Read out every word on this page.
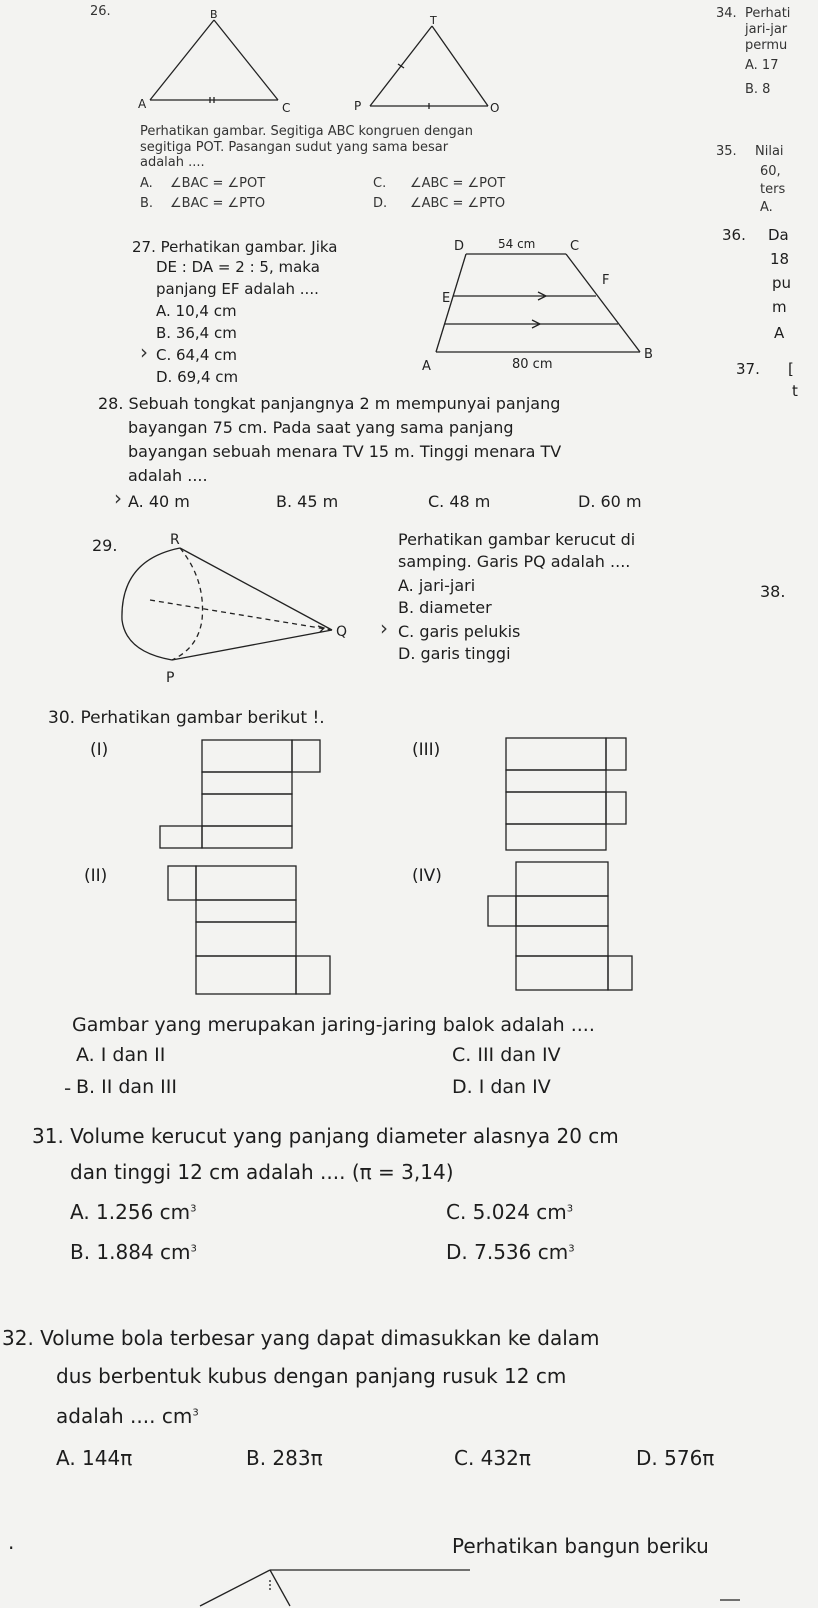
26.	B
A	C
T
P	O
Perhatikan gambar. Segitiga ABC kongruen dengan
segitiga POT. Pasangan sudut yang sama besar
adalah ....
A. ∠BAC = ∠POT
B. ∠BAC = ∠PTO
C. ∠ABC = ∠POT
D. ∠ABC = ∠PTO
34. Perhati
jari-jar
permu
A. 17
B. 8
35. Nilai
60,
ters
A.
36. Da
18
pu
m
A
37. [
t
38.
27. Perhatikan gambar. Jika
DE : DA = 2 : 5, maka
panjang EF adalah ....
A. 10,4 cm
B. 36,4 cm
C. 64,4 cm
D. 69,4 cm
›
D	54 cm	C
E
F
A	80 cm
B
28. Sebuah tongkat panjangnya 2 m mempunyai panjang
bayangan 75 cm. Pada saat yang sama panjang
bayangan sebuah menara TV 15 m. Tinggi menara TV
adalah ....
A. 40 m	B. 45 m	C. 48 m	D. 60 m
›
29.	R
Q
P
Perhatikan gambar kerucut di
samping. Garis PQ adalah ....
A. jari-jari
B. diameter
C. garis pelukis
D. garis tinggi
›
30. Perhatikan gambar berikut !.
(I)	(III)
(II)	(IV)
Gambar yang merupakan jaring-jaring balok adalah ....
A. I dan II	C. III dan IV
B. II dan III	D. I dan IV
-
31. Volume kerucut yang panjang diameter alasnya 20 cm
dan tinggi 12 cm adalah .... (π = 3,14)
A. 1.256 $cm^3$	C. 5.024 $cm^3$
B. 1.884 $cm^3$	D. 7.536 $cm^3$
32. Volume bola terbesar yang dapat dimasukkan ke dalam
dus berbentuk kubus dengan panjang rusuk 12 cm
adalah .... $cm^3$
A. 144π	B. 283π	C. 432π	D. 576π
.	Perhatikan bangun beriku
